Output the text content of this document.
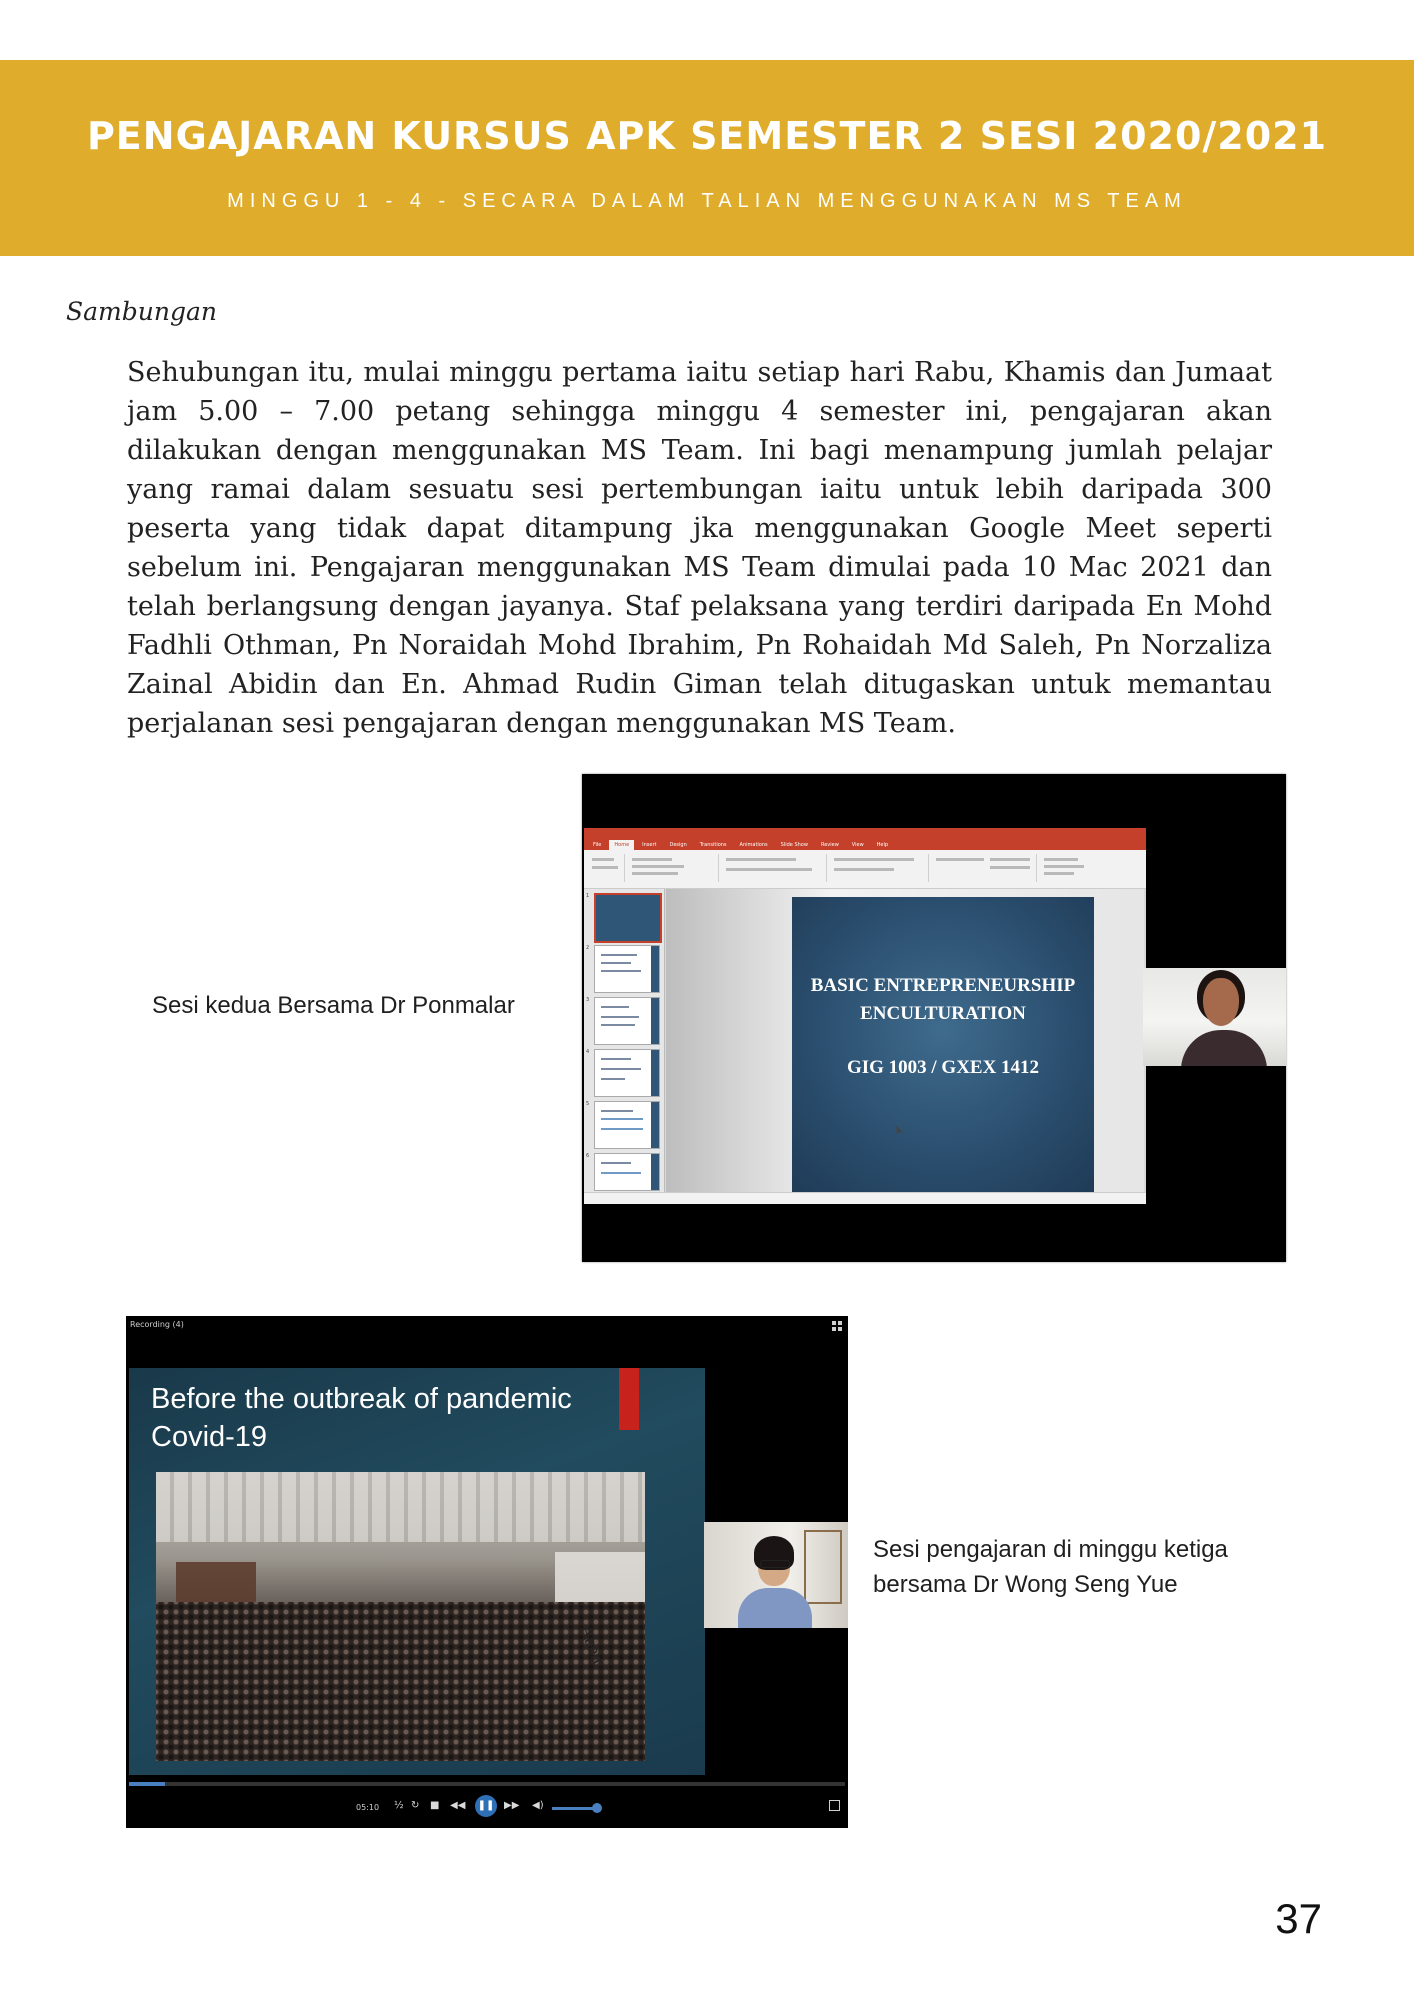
PENGAJARAN KURSUS APK SEMESTER 2 SESI 2020/2021
MINGGU 1 - 4 - SECARA DALAM TALIAN MENGGUNAKAN MS TEAM
Sambungan
Sehubungan itu, mulai minggu pertama iaitu setiap hari Rabu, Khamis dan Jumaat jam 5.00 – 7.00 petang sehingga minggu 4 semester ini, pengajaran akan dilakukan dengan menggunakan MS Team. Ini bagi menampung jumlah pelajar yang ramai dalam sesuatu sesi pertembungan iaitu untuk lebih daripada 300 peserta yang tidak dapat ditampung jka menggunakan Google Meet seperti sebelum ini. Pengajaran menggunakan MS Team dimulai pada 10 Mac 2021 dan telah berlangsung dengan jayanya. Staf pelaksana yang terdiri daripada En Mohd Fadhli Othman, Pn Noraidah Mohd Ibrahim, Pn Rohaidah Md Saleh, Pn Norzaliza Zainal Abidin dan En. Ahmad Rudin Giman telah ditugaskan untuk memantau perjalanan sesi pengajaran dengan menggunakan MS Team.
Sesi kedua Bersama Dr Ponmalar
File	Home	Insert	Design	Transitions	Animations	Slide Show	Review	View	Help
1
2
3
4
5
6
BASIC ENTREPRENEURSHIP
ENCULTURATION
GIG 1003 / GXEX 1412
Recording (4)
Before the outbreak of pandemic Covid-19
Aberc
05:10 ½ ↻ ■ ◀◀ ❚❚ ▶▶ ◀)
Sesi pengajaran di minggu ketiga bersama Dr Wong Seng Yue
37
